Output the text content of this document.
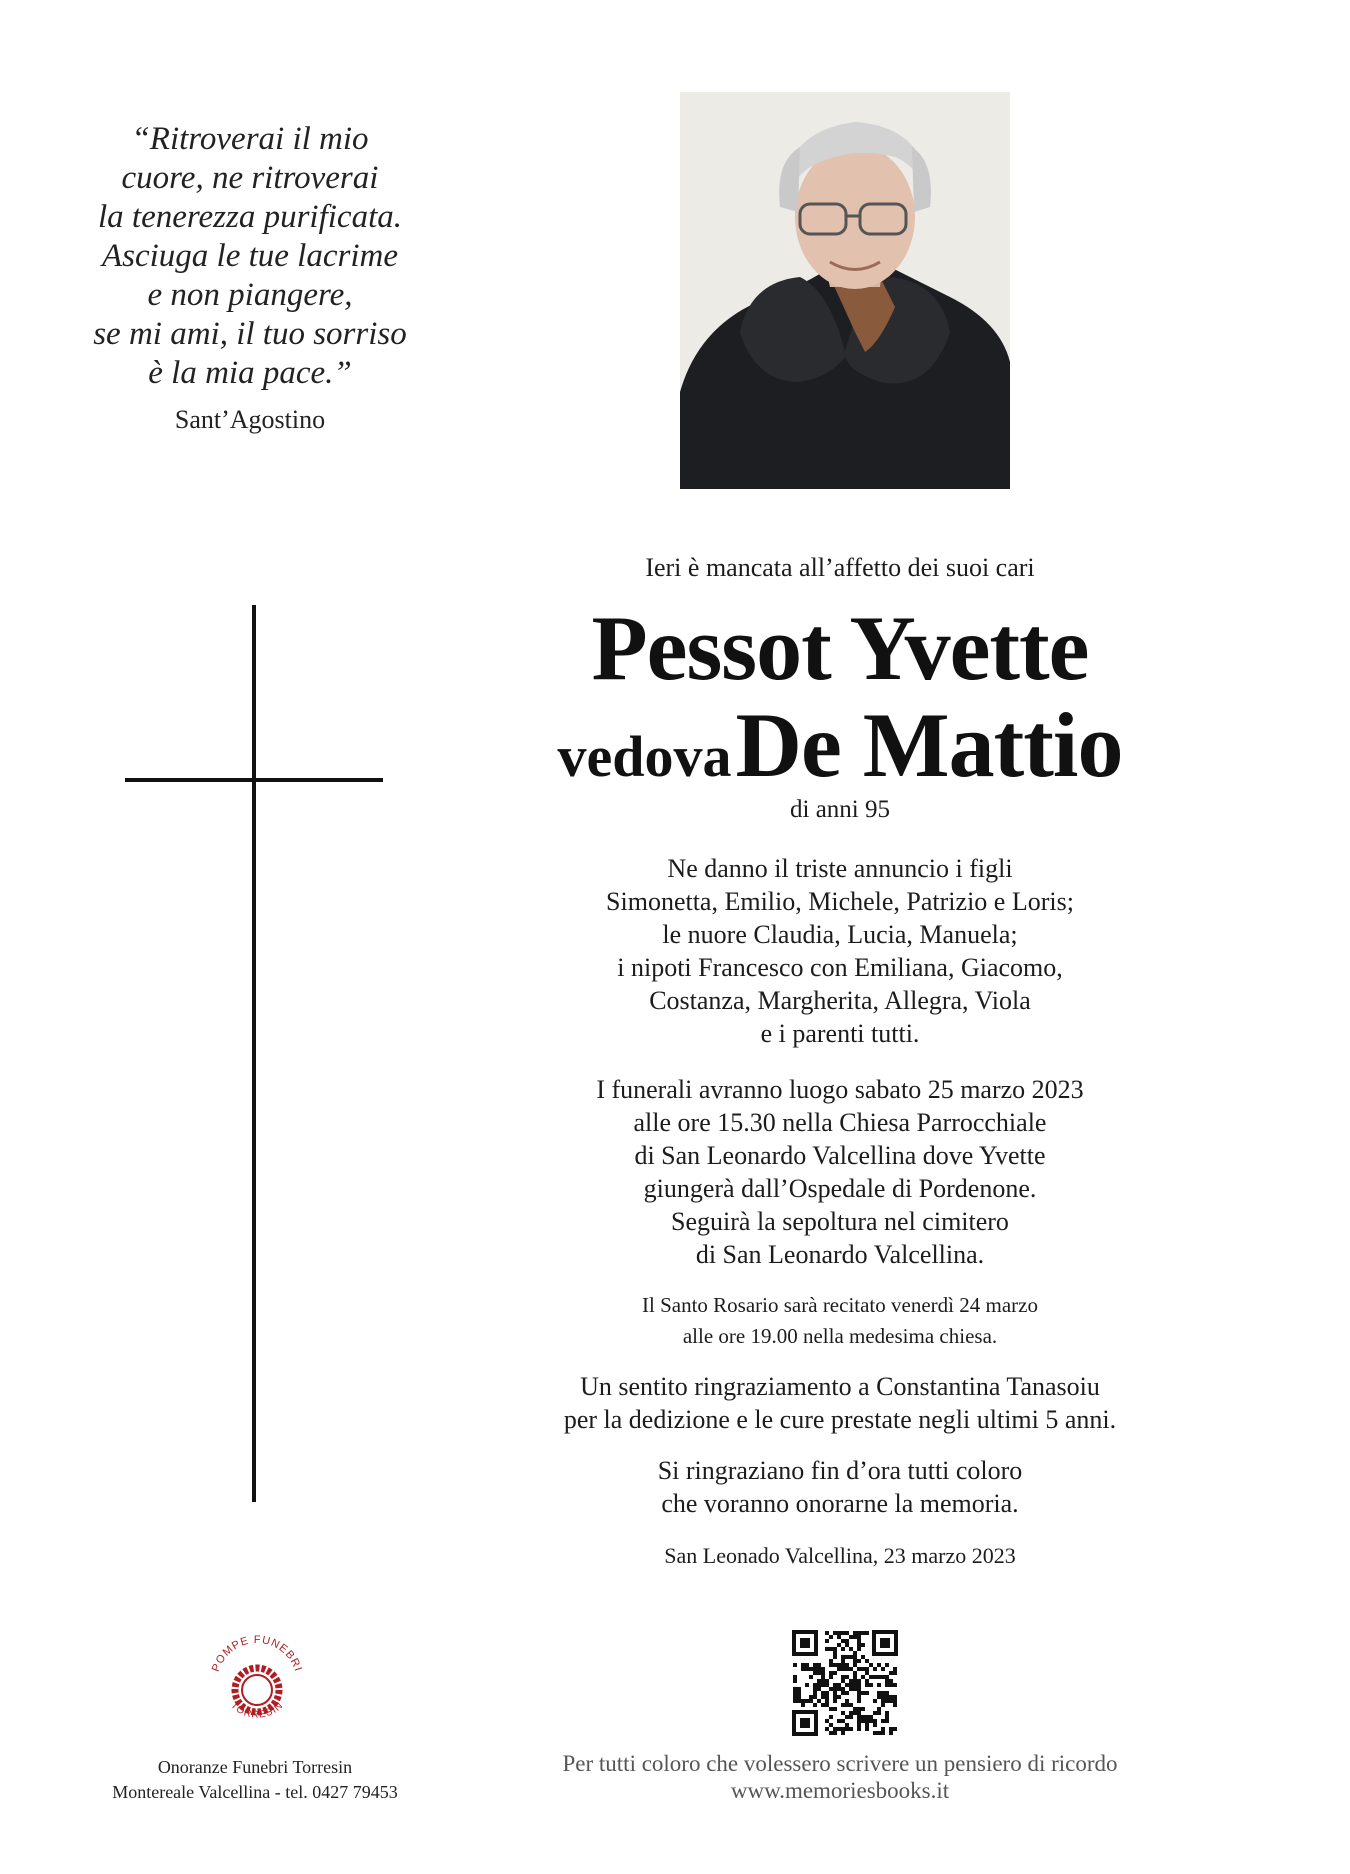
“Ritroverai il mio
cuore, ne ritroverai
la tenerezza purificata.
Asciuga le tue lacrime
e non piangere,
se mi ami, il tuo sorriso
è la mia pace.”
Sant’Agostino
Ieri è mancata all’affetto dei suoi cari
Pessot Yvette
vedova De Mattio
di anni 95
Ne danno il triste annuncio i figli
Simonetta, Emilio, Michele, Patrizio e Loris;
le nuore Claudia, Lucia, Manuela;
i nipoti Francesco con Emiliana, Giacomo,
Costanza, Margherita, Allegra, Viola
e i parenti tutti.
I funerali avranno luogo sabato 25 marzo 2023
alle ore 15.30 nella Chiesa Parrocchiale
di San Leonardo Valcellina dove Yvette
giungerà dall’Ospedale di Pordenone.
Seguirà la sepoltura nel cimitero
di San Leonardo Valcellina.
Il Santo Rosario sarà recitato venerdì 24 marzo
alle ore 19.00 nella medesima chiesa.
Un sentito ringraziamento a Constantina Tanasoiu
per la dedizione e le cure prestate negli ultimi 5 anni.
Si ringraziano fin d’ora tutti coloro
che voranno onorarne la memoria.
San Leonado Valcellina, 23 marzo 2023
POMPE FUNEBRI
TORRESIN
Onoranze Funebri Torresin
Montereale Valcellina - tel. 0427 79453
Per tutti coloro che volessero scrivere un pensiero di ricordo
www.memoriesbooks.it
